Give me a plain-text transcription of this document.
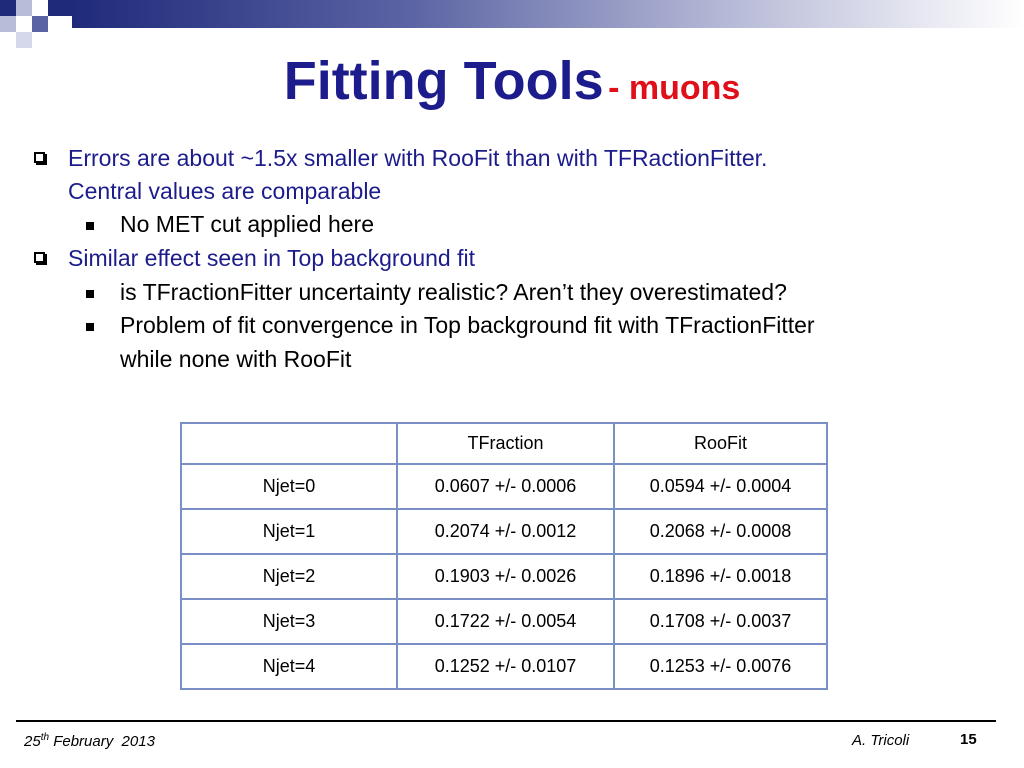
Fitting Tools - muons
Errors are about ~1.5x smaller with RooFit than with TFRactionFitter.
Central values are comparable
No MET cut applied here
Similar effect seen in Top background fit
is TFractionFitter uncertainty realistic? Aren’t they overestimated?
Problem of fit convergence in Top background fit with TFractionFitter
while none with RooFit
	TFraction	RooFit
Njet=0	0.0607 +/- 0.0006	0.0594 +/- 0.0004
Njet=1	0.2074 +/- 0.0012	0.2068 +/- 0.0008
Njet=2	0.1903 +/- 0.0026	0.1896 +/- 0.0018
Njet=3	0.1722 +/- 0.0054	0.1708 +/- 0.0037
Njet=4	0.1252 +/- 0.0107	0.1253 +/- 0.0076
25th February  2013	A. Tricoli	15
